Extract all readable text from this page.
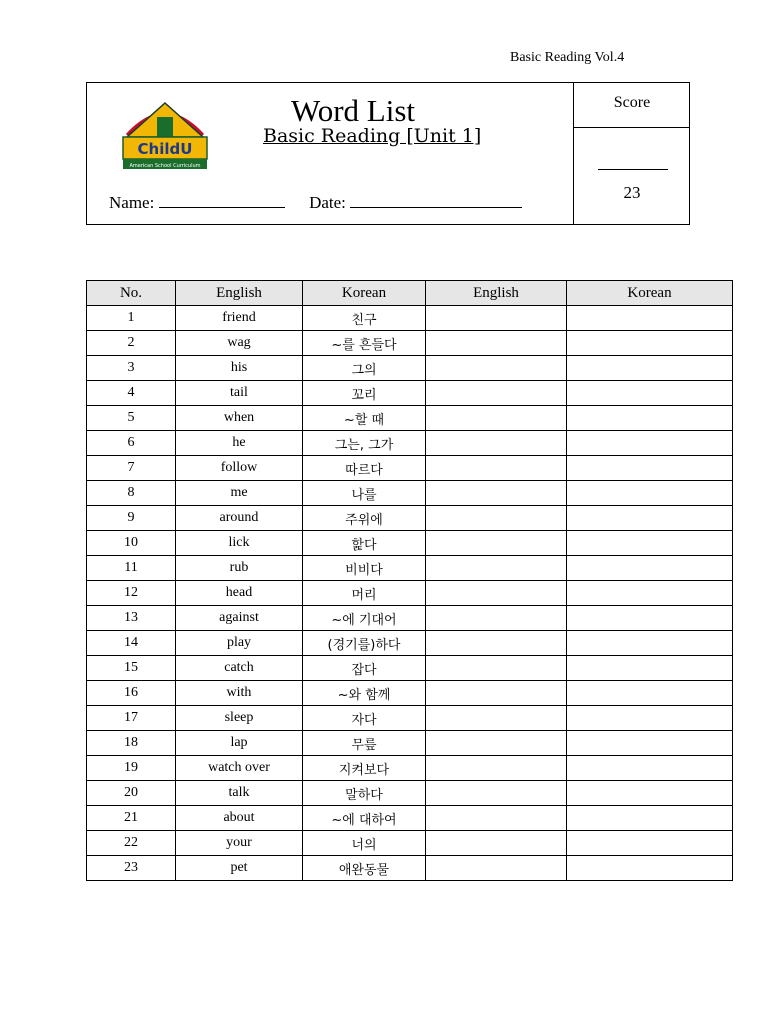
Basic Reading Vol.4
ChildU
American School Curriculum
Word List
Basic Reading [Unit 1]
Name:	Date:
Score
23
No.	English	Korean	English	Korean
1	friend	친구		
2	wag	~를 흔들다		
3	his	그의		
4	tail	꼬리		
5	when	~할 때		
6	he	그는, 그가		
7	follow	따르다		
8	me	나를		
9	around	주위에		
10	lick	핥다		
11	rub	비비다		
12	head	머리		
13	against	~에 기대어		
14	play	(경기를)하다		
15	catch	잡다		
16	with	~와 함께		
17	sleep	자다		
18	lap	무릎		
19	watch over	지켜보다		
20	talk	말하다		
21	about	~에 대하여		
22	your	너의		
23	pet	애완동물		
